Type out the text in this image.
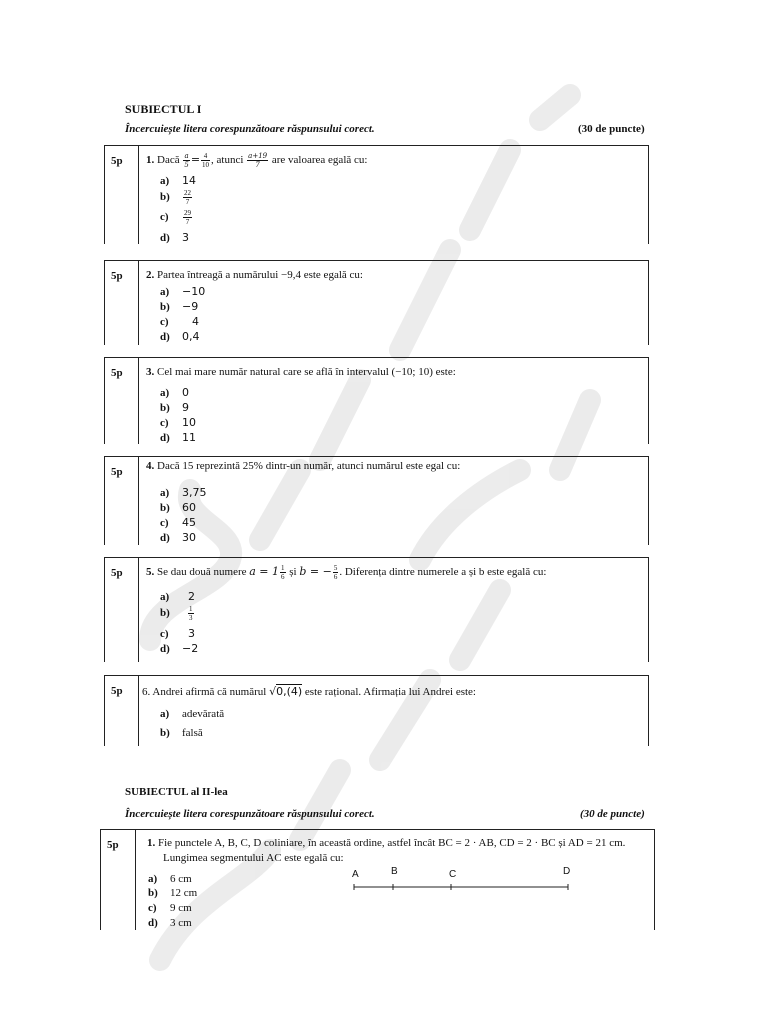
SUBIECTUL I
Încercuiește litera corespunzătoare răspunsului corect.	(30 de puncte)
5p 1. Dacă $\frac{a}{5} = \frac{4}{10}$ , atunci $\frac{a+19}{7}$ are valoarea egală cu:
a) 14
$b) \frac{22}{7}$
$c) \frac{29}{7}$
d) 3
5p 2. Partea întreagă a numărului −9,4 este egală cu:
a) −10
b) −9
c) 4
d) 0,4
5p 3. Cel mai mare număr natural care se află în intervalul (−10; 10) este:
a) 0
b) 9
c) 10
d) 11
5p 4. Dacă 15 reprezintă 25% dintr-un număr, atunci numărul este egal cu:
a) 3,75
b) 60
c) 45
d) 30
5p 5. Se dau două numere $a = 1 \frac{1}{6}$ și b = − $\frac{5}{6}$ . Diferența dintre numerele a și b este egală cu:
a) 2
b)	$\frac{1}{3}$
c) 3
d) −2
5p 6. Andrei afirmă că numărul √0,(4) este rațional. Afirmația lui Andrei este:
a) adevărată
b) falsă
SUBIECTUL al II-lea
Încercuiește litera corespunzătoare răspunsului corect.	(30 de puncte)
5p	1. Fie punctele A, B, C, D coliniare, în această ordine, astfel încât BC = 2 · AB, CD = 2 · BC și AD = 21 cm.
Lungimea segmentului AC este egală cu:
a) 6 cm
b) 12 cm
c) 9 cm
d) 3 cm
A	B	C	D
